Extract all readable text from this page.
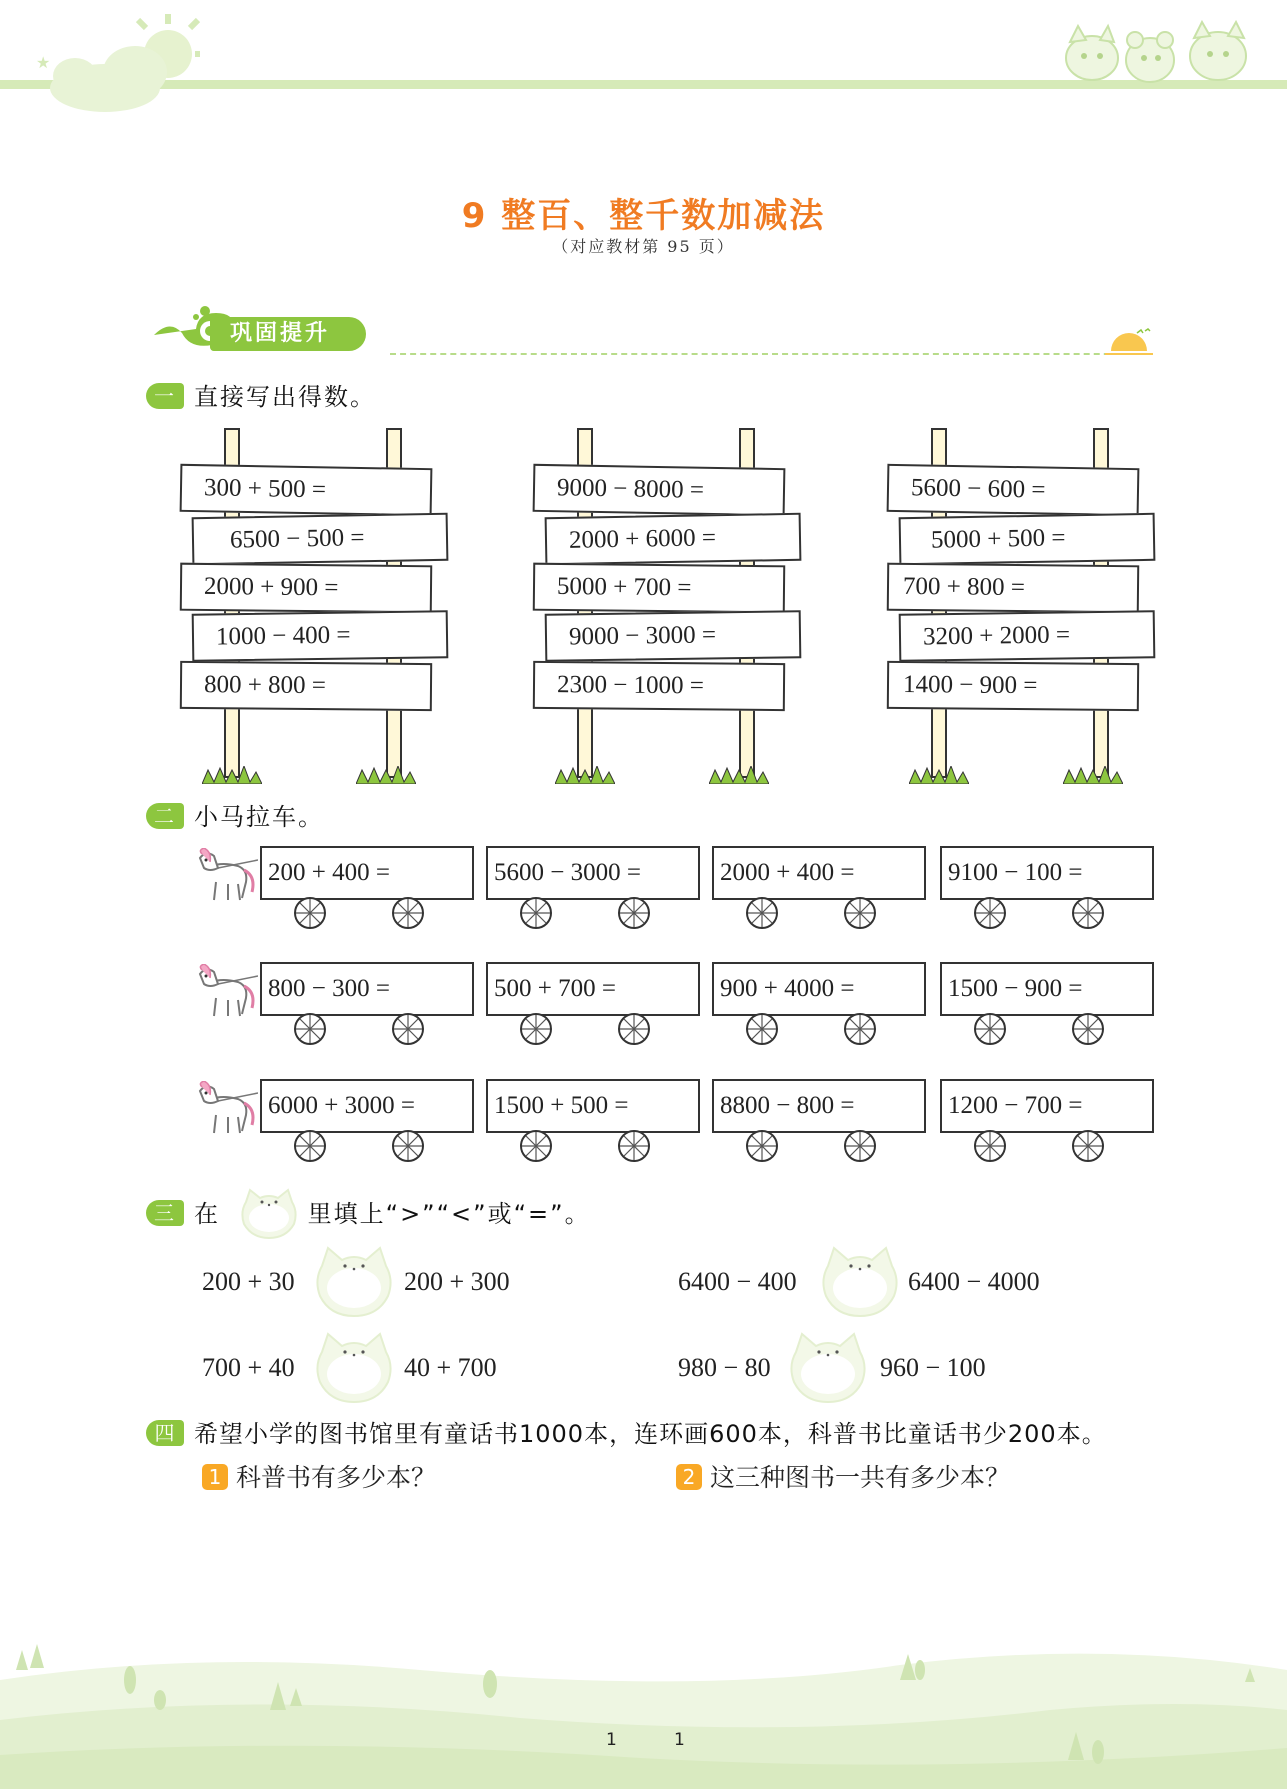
★
9 整百、整千数加减法
（对应教材第 95 页）
巩固提升
一 直接写出得数。
300 + 500 =
6500 − 500 =
2000 + 900 =
1000 − 400 =
800 + 800 =
9000 − 8000 =
2000 + 6000 =
5000 + 700 =
9000 − 3000 =
2300 − 1000 =
5600 − 600 =
5000 + 500 =
700 + 800 =
3200 + 2000 =
1400 − 900 =
二 小马拉车。
200 + 400 =	5600 − 3000 =	2000 + 400 =	9100 − 100 =
800 − 300 =	500 + 700 =	900 + 4000 =	1500 − 900 =
6000 + 3000 =	1500 + 500 =	8800 − 800 =	1200 − 700 =
三 在	里填上“>”“<”或“=”。
200 + 30	200 + 300	6400 − 400	6400 − 4000
700 + 40	40 + 700	980 − 80	960 − 100
四 希望小学的图书馆里有童话书1000本，连环画600本，科普书比童话书少200本。
1 科普书有多少本？	2 这三种图书一共有多少本？
1	1
